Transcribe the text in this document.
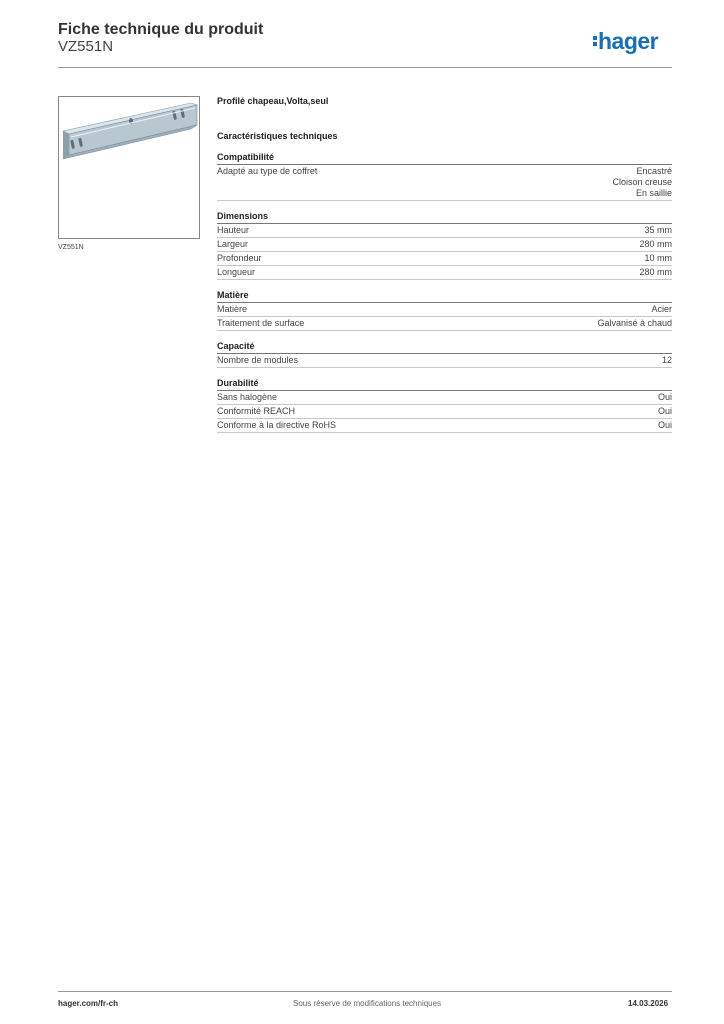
Fiche technique du produit
VZ551N	hager
VZ551N
Profilé chapeau,Volta,seul
Caractéristiques techniques
Compatibilité
Adapté au type de coffret	Encastré
Cloison creuse
En saillie
Dimensions
Hauteur	35 mm
Largeur	280 mm
Profondeur	10 mm
Longueur	280 mm
Matière
Matière	Acier
Traitement de surface	Galvanisé à chaud
Capacité
Nombre de modules	12
Durabilité
Sans halogène	Oui
Conformité REACH	Oui
Conforme à la directive RoHS	Oui
hager.com/fr-ch	Sous réserve de modifications techniques	14.03.2026
